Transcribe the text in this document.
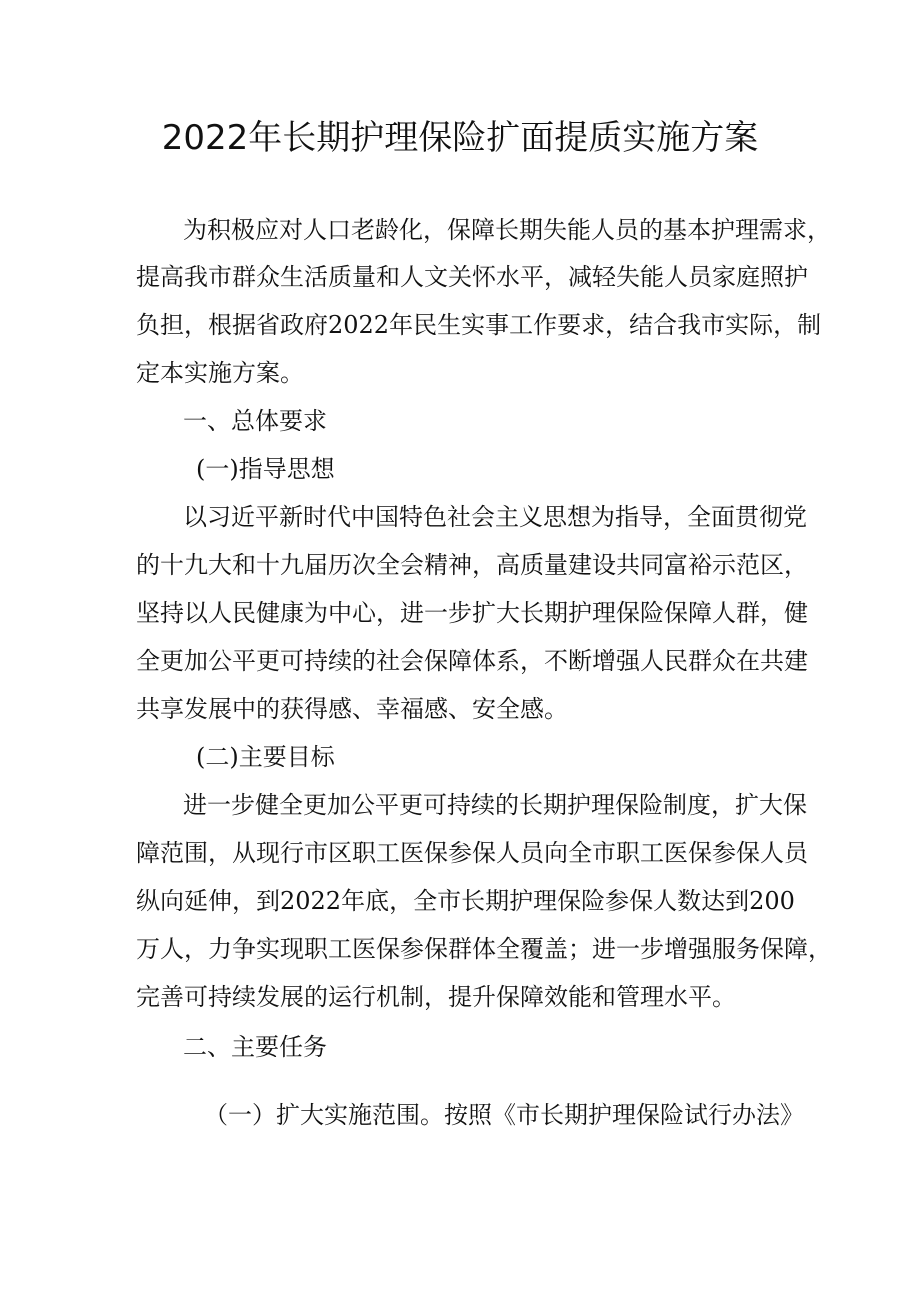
2022年长期护理保险扩面提质实施方案
为积极应对人口老龄化，保障长期失能人员的基本护理需求，
提高我市群众生活质量和人文关怀水平，减轻失能人员家庭照护
负担，根据省政府2022年民生实事工作要求，结合我市实际，制
定本实施方案。
一、总体要求
(一)指导思想
以习近平新时代中国特色社会主义思想为指导，全面贯彻党
的十九大和十九届历次全会精神，高质量建设共同富裕示范区，
坚持以人民健康为中心，进一步扩大长期护理保险保障人群，健
全更加公平更可持续的社会保障体系，不断增强人民群众在共建
共享发展中的获得感、幸福感、安全感。
(二)主要目标
进一步健全更加公平更可持续的长期护理保险制度，扩大保
障范围，从现行市区职工医保参保人员向全市职工医保参保人员
纵向延伸，到2022年底，全市长期护理保险参保人数达到200
万人，力争实现职工医保参保群体全覆盖；进一步增强服务保障，
完善可持续发展的运行机制，提升保障效能和管理水平。
二、主要任务
（一）扩大实施范围。按照《市长期护理保险试行办法》
